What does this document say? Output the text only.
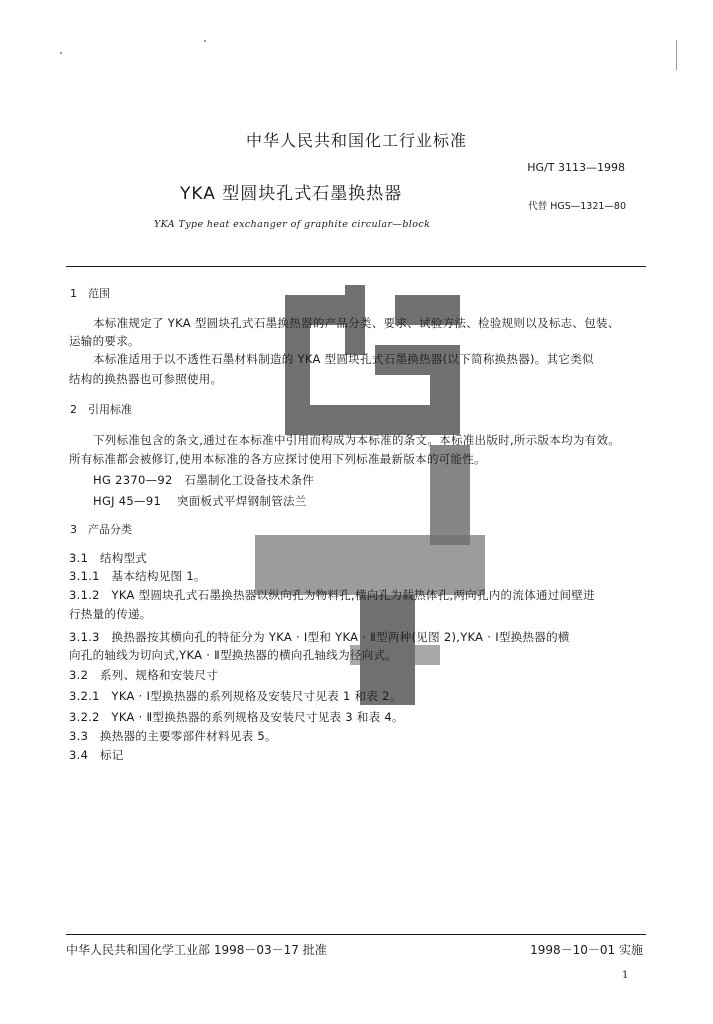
中华人民共和国化工行业标准
HG/T 3113—1998
YKA 型圆块孔式石墨换热器
代替 HGS—1321—80
YKA Type heat exchanger of graphite circular—block
1　范围
本标准规定了 YKA 型圆块孔式石墨换热器的产品分类、要求、试验方法、检验规则以及标志、包装、
运输的要求。
本标准适用于以不透性石墨材料制造的 YKA 型圆块孔式石墨换热器(以下简称换热器)。其它类似
结构的换热器也可参照使用。
2　引用标准
下列标准包含的条文,通过在本标准中引用而构成为本标准的条文。本标准出版时,所示版本均为有效。
所有标准都会被修订,使用本标准的各方应探讨使用下列标准最新版本的可能性。
HG 2370—92　石墨制化工设备技术条件
HGJ 45—91　 突面板式平焊钢制管法兰
3　产品分类
3.1　结构型式
3.1.1　基本结构见图 1。
3.1.2　YKA 型圆块孔式石墨换热器以纵向孔为物料孔,横向孔为载热体孔,两向孔内的流体通过间壁进
行热量的传递。
3.1.3　换热器按其横向孔的特征分为 YKA · Ⅰ型和 YKA · Ⅱ型两种(见图 2),YKA · Ⅰ型换热器的横
向孔的轴线为切向式,YKA · Ⅱ型换热器的横向孔轴线为径向式。
3.2　系列、规格和安装尺寸
3.2.1　YKA · Ⅰ型换热器的系列规格及安装尺寸见表 1 和表 2。
3.2.2　YKA · Ⅱ型换热器的系列规格及安装尺寸见表 3 和表 4。
3.3　换热器的主要零部件材料见表 5。
3.4　标记
中华人民共和国化学工业部 1998－03－17 批准	1998－10－01 实施
1
